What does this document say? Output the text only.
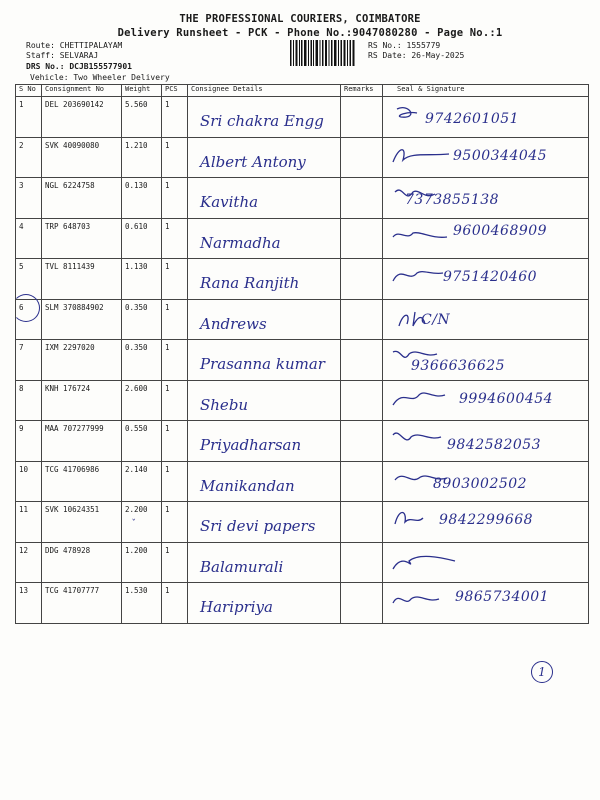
THE PROFESSIONAL COURIERS, COIMBATORE
Delivery Runsheet - PCK - Phone No.:9047080280 - Page No.:1
Route: CHETTIPALAYAM
Staff: SELVARAJ
DRS No.: DCJB155577901
RS No.: 1555779
RS Date: 26-May-2025
Vehicle: Two Wheeler Delivery
S No	Consignment No	Weight	PCS	Consignee Details	Remarks	Seal & Signature

1	DEL 203690142	5.560	1	Sri chakra Engg		9742601051

2	SVK 40090080	1.210	1	Albert Antony		9500344045

3	NGL 6224758	0.130	1	Kavitha		7373855138

4	TRP 648703	0.610	1	Narmadha		9600468909

5	TVL 8111439	1.130	1	Rana Ranjith		9751420460

6	SLM 370884902	0.350	1	Andrews		C/N

7	IXM 2297020	0.350	1	Prasanna kumar		9366636625

8	KNH 176724	2.600	1	Shebu		9994600454

9	MAA 707277999	0.550	1	Priyadharsan		9842582053

10	TCG 41706986	2.140	1	Manikandan		8903002502

11	SVK 10624351	2.200	1	Sri devi papers		9842299668

12	DDG 478928	1.200	1	Balamurali

13	TCG 41707777	1.530	1	Haripriya		9865734001
ˇ
1
